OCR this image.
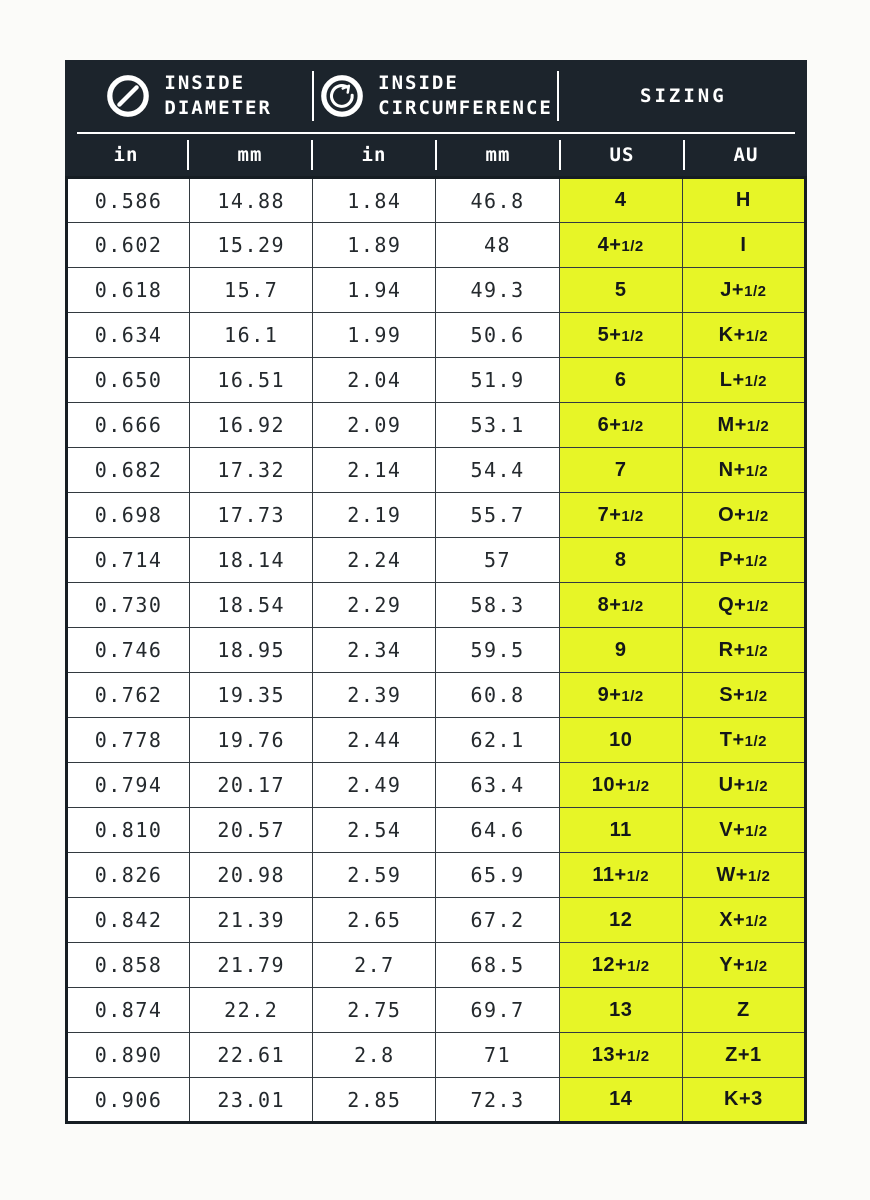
INSIDE
DIAMETER
INSIDE
CIRCUMFERENCE
SIZING
in	mm	in	mm	US	AU
0.586	14.88	1.84	46.8	4	H
0.602	15.29	1.89	48	4+1/2	I
0.618	15.7	1.94	49.3	5	J+1/2
0.634	16.1	1.99	50.6	5+1/2	K+1/2
0.650	16.51	2.04	51.9	6	L+1/2
0.666	16.92	2.09	53.1	6+1/2	M+1/2
0.682	17.32	2.14	54.4	7	N+1/2
0.698	17.73	2.19	55.7	7+1/2	O+1/2
0.714	18.14	2.24	57	8	P+1/2
0.730	18.54	2.29	58.3	8+1/2	Q+1/2
0.746	18.95	2.34	59.5	9	R+1/2
0.762	19.35	2.39	60.8	9+1/2	S+1/2
0.778	19.76	2.44	62.1	10	T+1/2
0.794	20.17	2.49	63.4	10+1/2	U+1/2
0.810	20.57	2.54	64.6	11	V+1/2
0.826	20.98	2.59	65.9	11+1/2	W+1/2
0.842	21.39	2.65	67.2	12	X+1/2
0.858	21.79	2.7	68.5	12+1/2	Y+1/2
0.874	22.2	2.75	69.7	13	Z
0.890	22.61	2.8	71	13+1/2	Z+1
0.906	23.01	2.85	72.3	14	K+3
